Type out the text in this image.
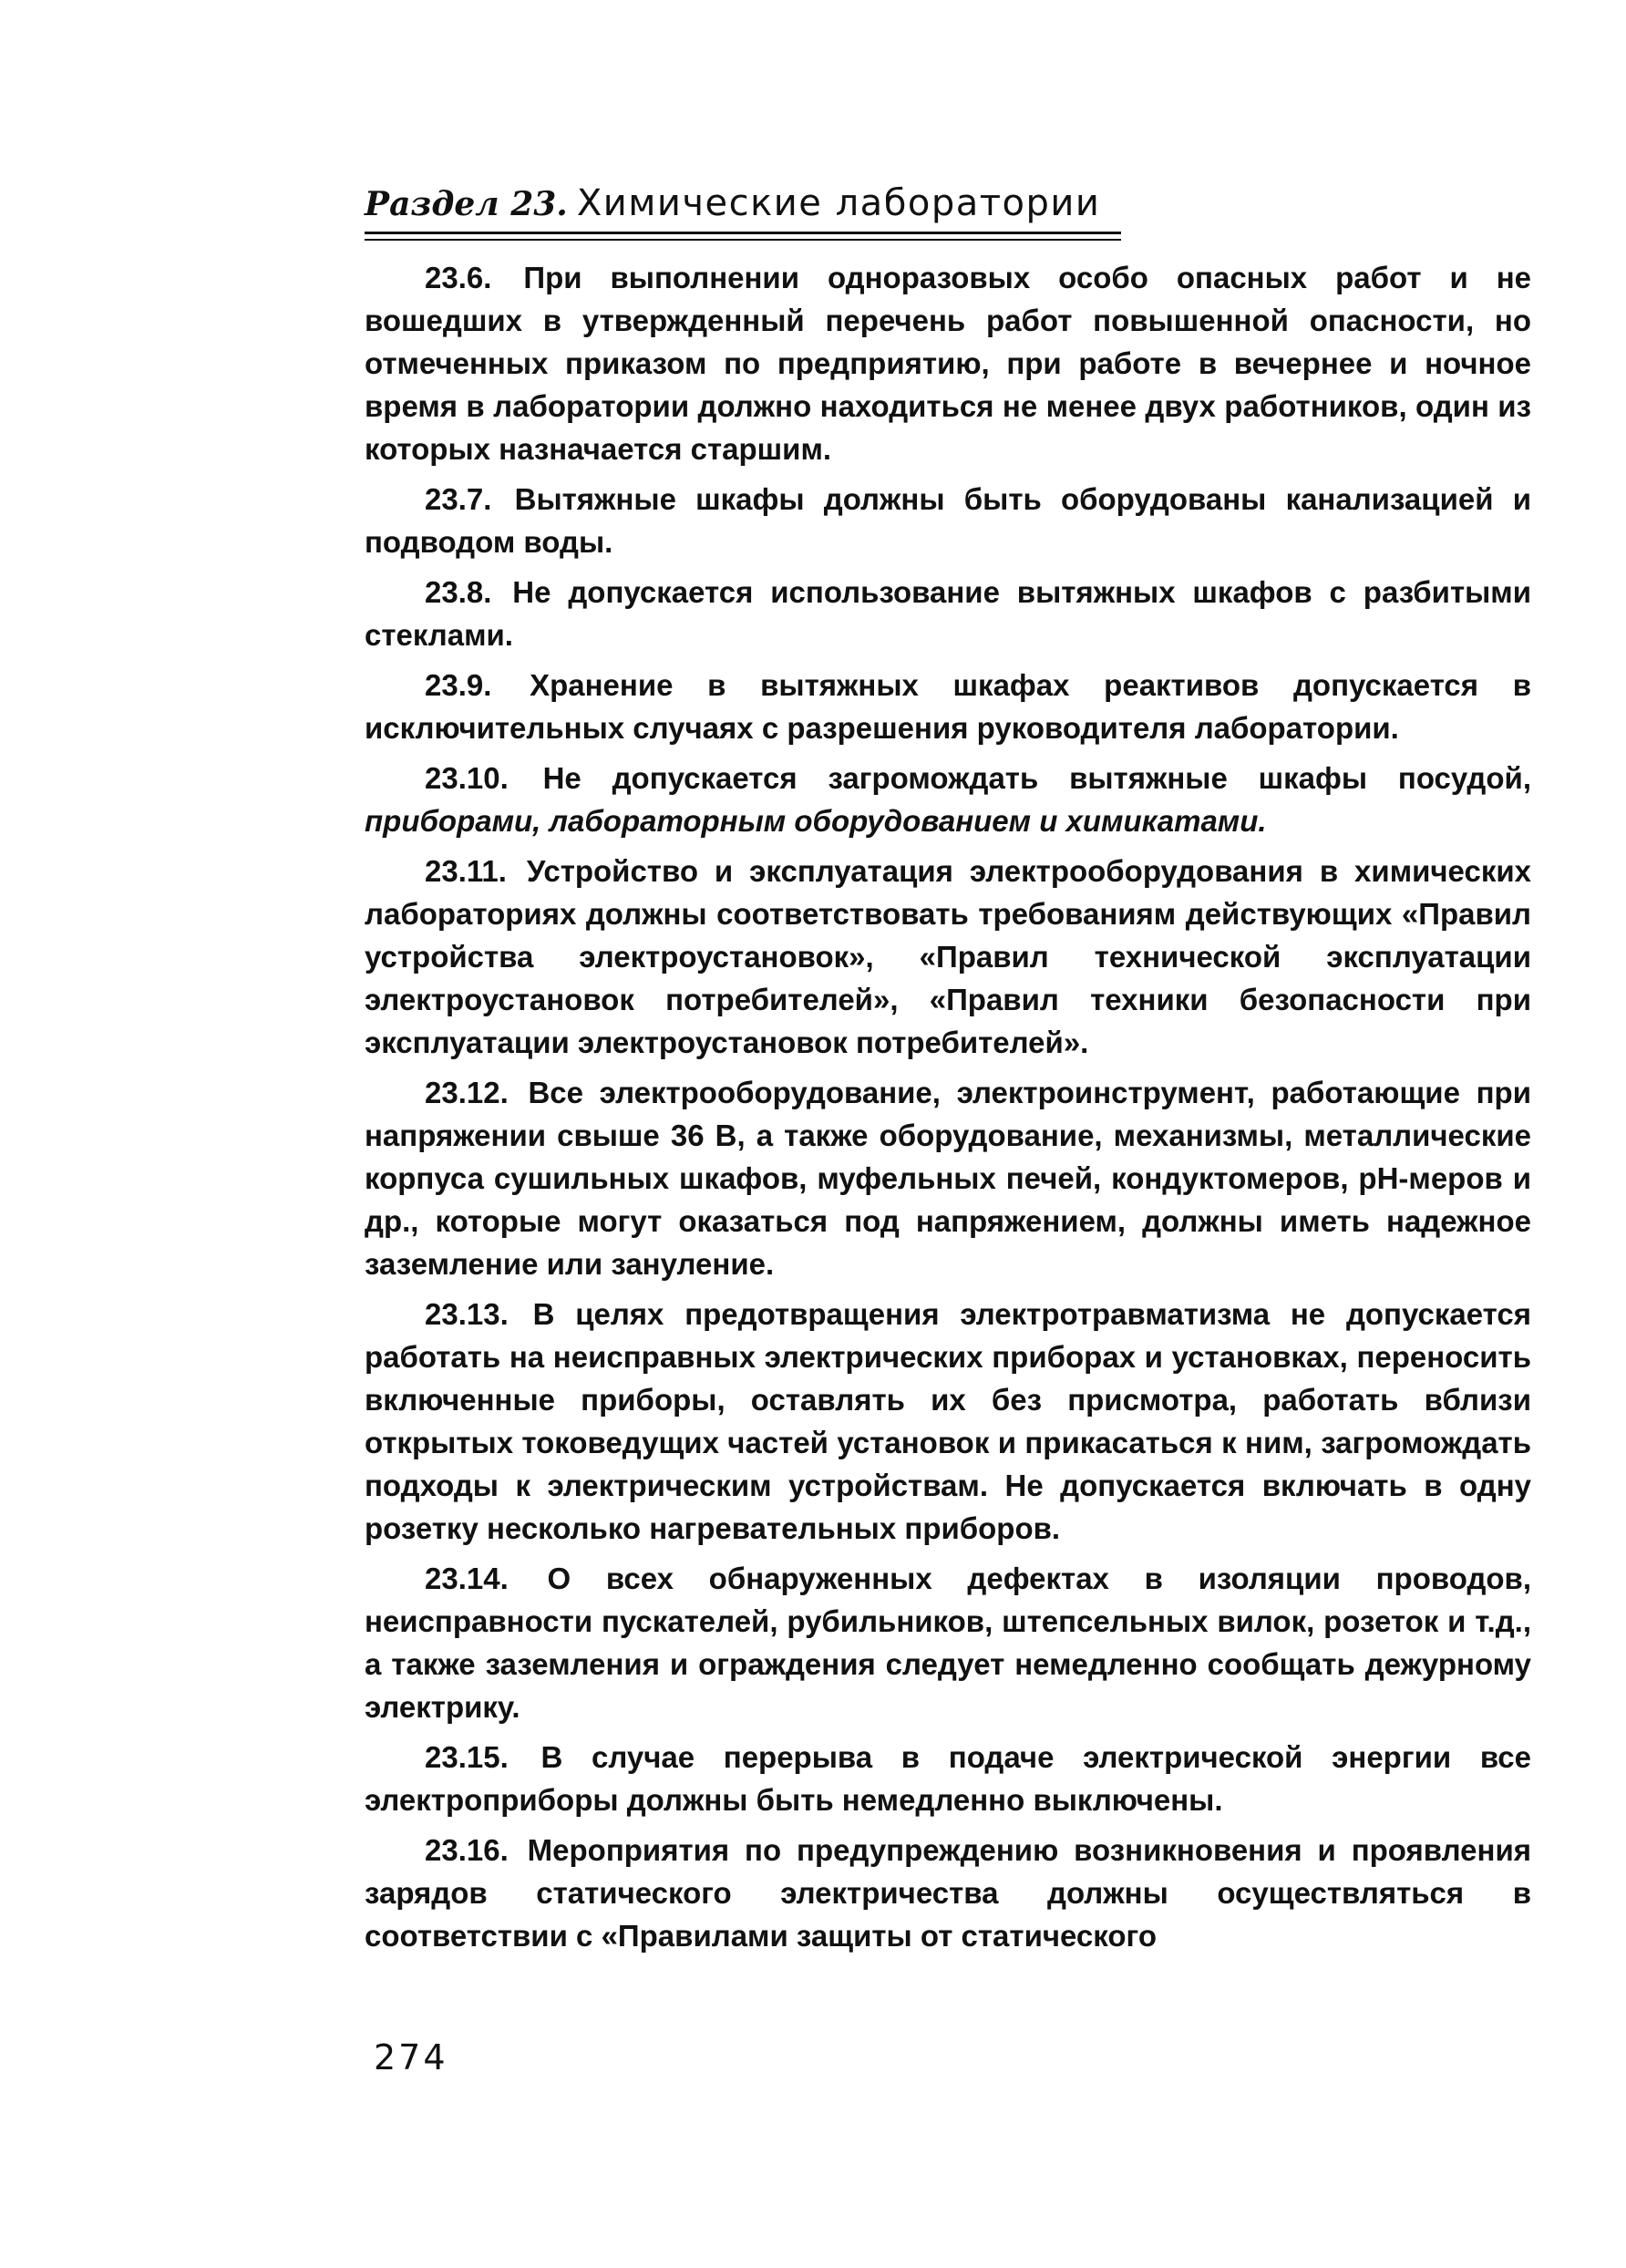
Раздел 23. Химические лаборатории

23.6. При выполнении одноразовых особо опасных работ и не вошедших в утвержденный перечень работ повышенной опасности, но отмеченных приказом по предприятию, при работе в вечернее и ночное время в лаборатории должно находиться не менее двух работников, один из которых назначается старшим.

23.7. Вытяжные шкафы должны быть оборудованы канализацией и подводом воды.

23.8. Не допускается использование вытяжных шкафов с разбитыми стеклами.

23.9. Хранение в вытяжных шкафах реактивов допускается в исключительных случаях с разрешения руководителя лаборатории.

23.10. Не допускается загромождать вытяжные шкафы посудой, приборами, лабораторным оборудованием и химикатами.

23.11. Устройство и эксплуатация электрооборудования в химических лабораториях должны соответствовать требованиям действующих «Правил устройства электроустановок», «Правил технической эксплуатации электроустановок потребителей», «Правил техники безопасности при эксплуатации электроустановок потребителей».

23.12. Все электрооборудование, электроинструмент, работающие при напряжении свыше 36 В, а также оборудование, механизмы, металлические корпуса сушильных шкафов, муфельных печей, кондуктомеров, pH-меров и др., которые могут оказаться под напряжением, должны иметь надежное заземление или зануление.

23.13. В целях предотвращения электротравматизма не допускается работать на неисправных электрических приборах и установках, переносить включенные приборы, оставлять их без присмотра, работать вблизи открытых токоведущих частей установок и прикасаться к ним, загромождать подходы к электрическим устройствам. Не допускается включать в одну розетку несколько нагревательных приборов.

23.14. О всех обнаруженных дефектах в изоляции проводов, неисправности пускателей, рубильников, штепсельных вилок, розеток и т.д., а также заземления и ограждения следует немедленно сообщать дежурному электрику.

23.15. В случае перерыва в подаче электрической энергии все электроприборы должны быть немедленно выключены.

23.16. Мероприятия по предупреждению возникновения и проявления зарядов статического электричества должны осуществляться в соответствии с «Правилами защиты от статического

274
